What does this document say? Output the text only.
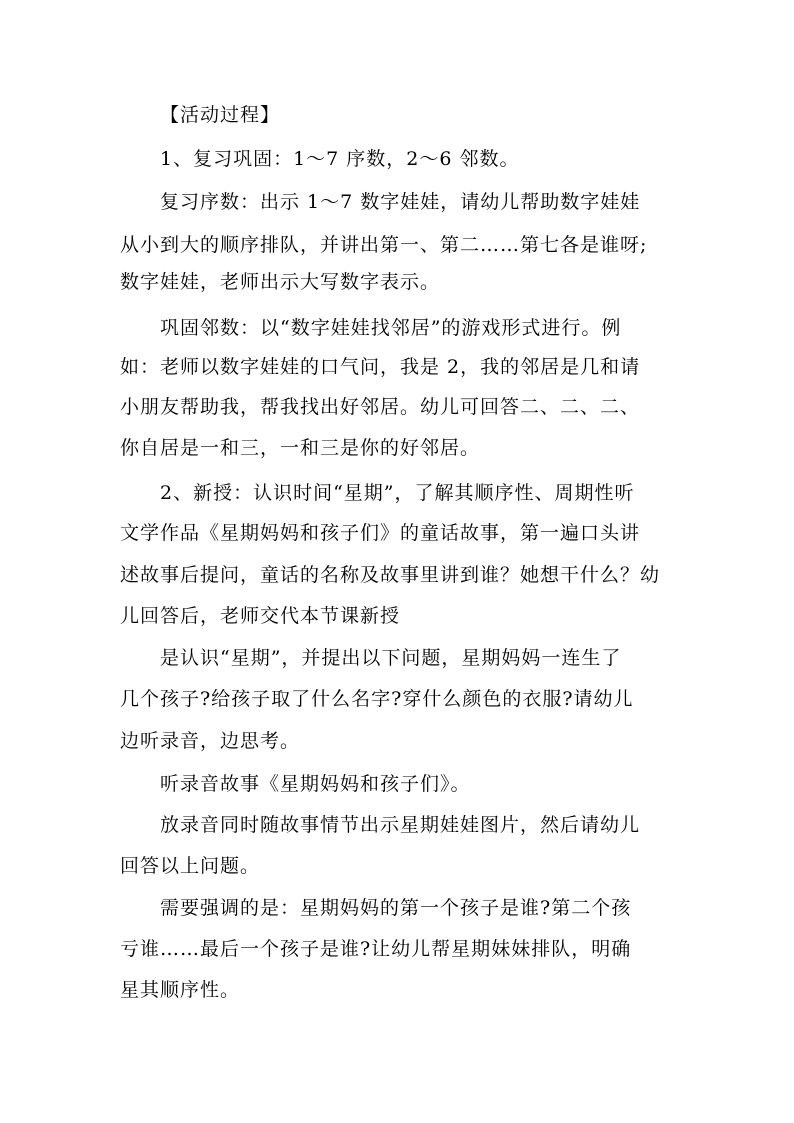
【活动过程】
1、复习巩固：1～7 序数，2～6 邻数。
复习序数：出示 1～7 数字娃娃，请幼儿帮助数字娃娃
从小到大的顺序排队，并讲出第一、第二……第七各是谁呀;
数字娃娃，老师出示大写数字表示。
巩固邻数：以“数字娃娃找邻居”的游戏形式进行。例
如：老师以数字娃娃的口气问，我是 2，我的邻居是几和请
小朋友帮助我，帮我找出好邻居。幼儿可回答二、二、二、
你自居是一和三，一和三是你的好邻居。
2、新授：认识时间“星期”，了解其顺序性、周期性听
文学作品《星期妈妈和孩子们》的童话故事，第一遍口头讲
述故事后提问，童话的名称及故事里讲到谁？她想干什么？幼
儿回答后，老师交代本节课新授
是认识“星期”，并提出以下问题，星期妈妈一连生了
几个孩子?给孩子取了什么名字?穿什么颜色的衣服?请幼儿
边听录音，边思考。
听录音故事《星期妈妈和孩子们》。
放录音同时随故事情节出示星期娃娃图片，然后请幼儿
回答以上问题。
需要强调的是：星期妈妈的第一个孩子是谁?第二个孩
亏谁……最后一个孩子是谁?让幼儿帮星期妹妹排队，明确
星其顺序性。
